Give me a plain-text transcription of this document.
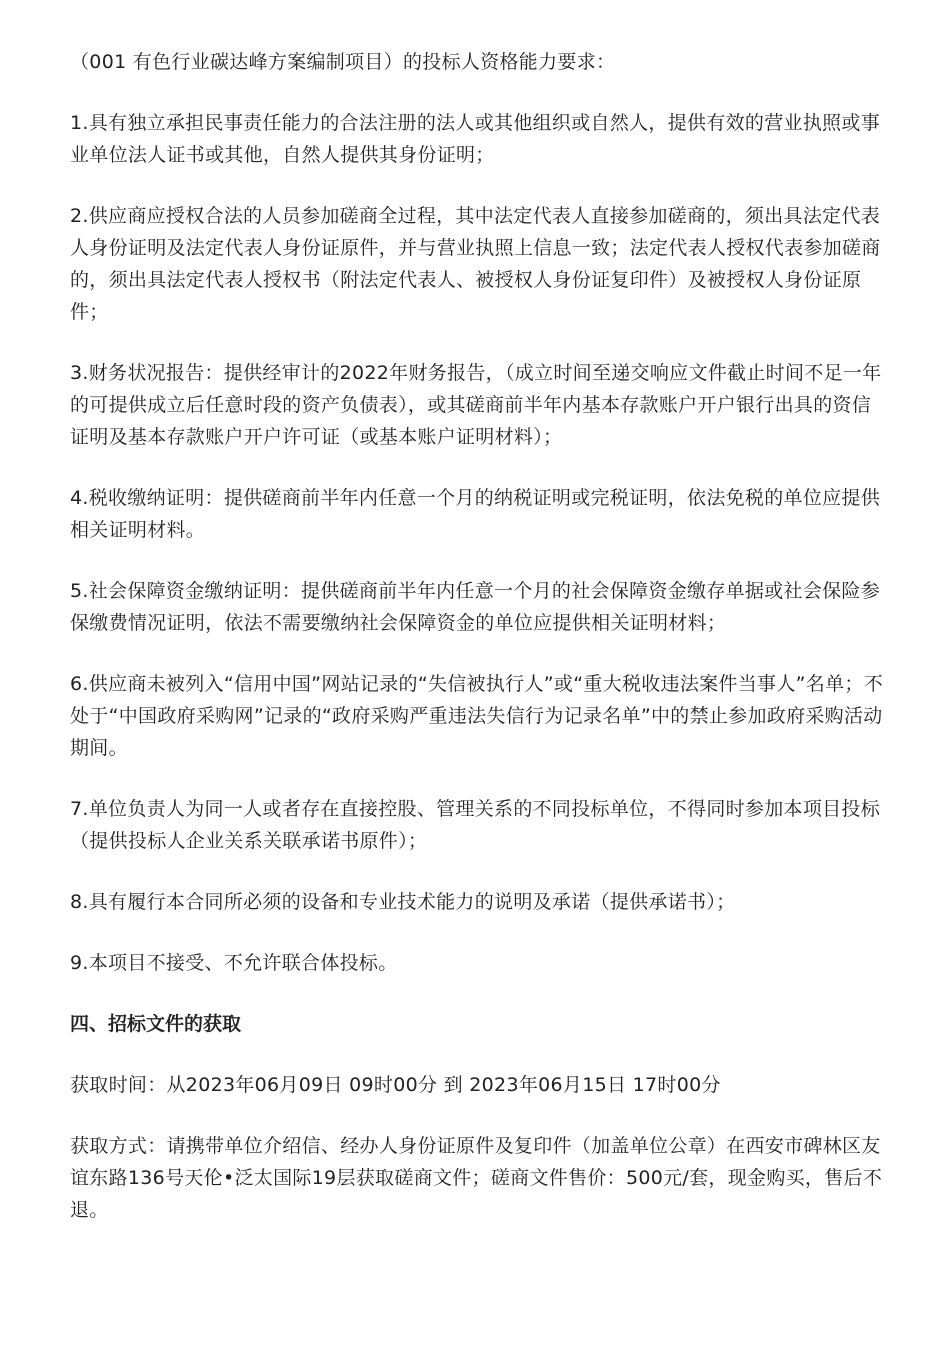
（001 有色行业碳达峰方案编制项目）的投标人资格能力要求：

1.具有独立承担民事责任能力的合法注册的法人或其他组织或自然人，提供有效的营业执照或事业单位法人证书或其他，自然人提供其身份证明；

2.供应商应授权合法的人员参加磋商全过程，其中法定代表人直接参加磋商的，须出具法定代表人身份证明及法定代表人身份证原件，并与营业执照上信息一致；法定代表人授权代表参加磋商的，须出具法定代表人授权书（附法定代表人、被授权人身份证复印件）及被授权人身份证原件；

3.财务状况报告：提供经审计的2022年财务报告，（成立时间至递交响应文件截止时间不足一年的可提供成立后任意时段的资产负债表），或其磋商前半年内基本存款账户开户银行出具的资信证明及基本存款账户开户许可证（或基本账户证明材料）；

4.税收缴纳证明：提供磋商前半年内任意一个月的纳税证明或完税证明，依法免税的单位应提供相关证明材料。

5.社会保障资金缴纳证明：提供磋商前半年内任意一个月的社会保障资金缴存单据或社会保险参保缴费情况证明，依法不需要缴纳社会保障资金的单位应提供相关证明材料；

6.供应商未被列入“信用中国”网站记录的“失信被执行人”或“重大税收违法案件当事人”名单；不处于“中国政府采购网”记录的“政府采购严重违法失信行为记录名单”中的禁止参加政府采购活动期间。

7.单位负责人为同一人或者存在直接控股、管理关系的不同投标单位，不得同时参加本项目投标（提供投标人企业关系关联承诺书原件）；

8.具有履行本合同所必须的设备和专业技术能力的说明及承诺（提供承诺书）；

9.本项目不接受、不允许联合体投标。

四、招标文件的获取

获取时间：从2023年06月09日 09时00分 到 2023年06月15日 17时00分

获取方式：请携带单位介绍信、经办人身份证原件及复印件（加盖单位公章）在西安市碑林区友谊东路136号天伦•泛太国际19层获取磋商文件；磋商文件售价：500元/套，现金购买，售后不退。
